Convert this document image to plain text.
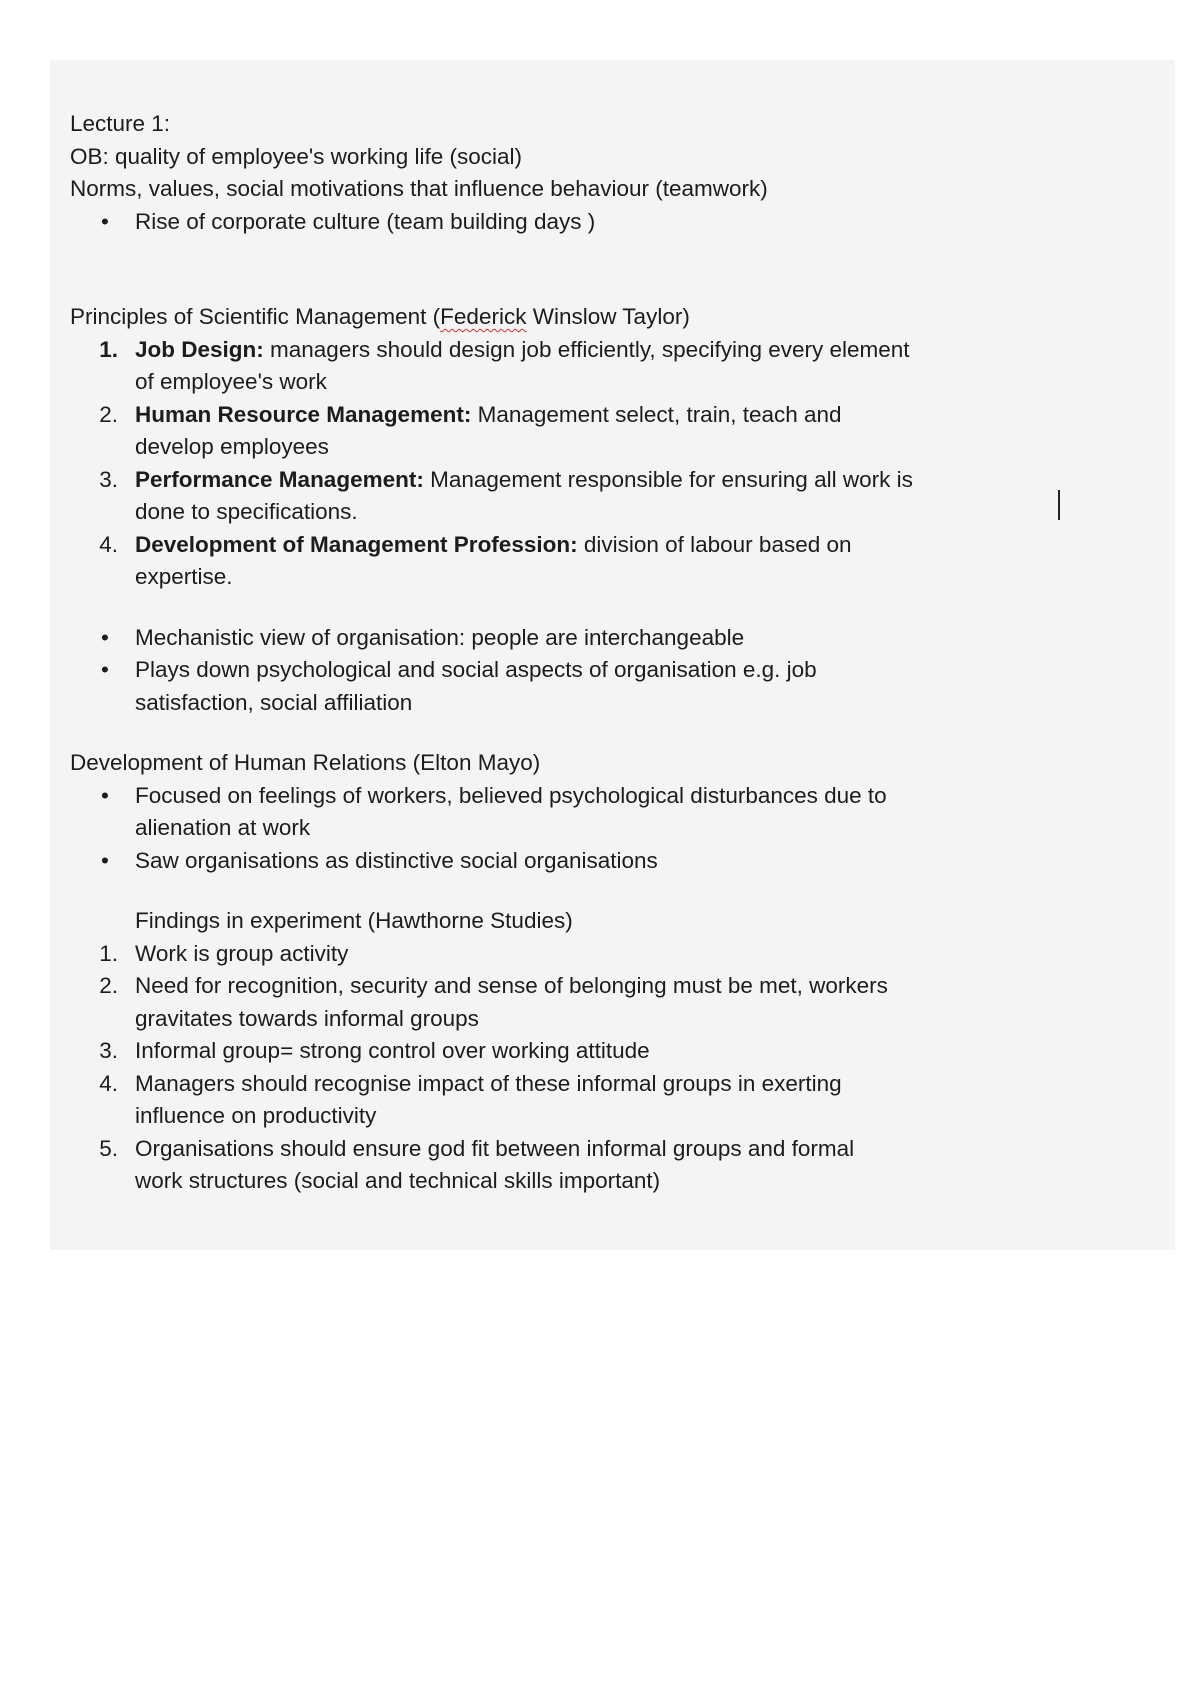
Lecture 1:

OB: quality of employee's working life (social)

Norms, values, social motivations that influence behaviour (teamwork)

•	Rise of corporate culture (team building days )

Principles of Scientific Management (Federick Winslow Taylor)

1. Job Design: managers should design job efficiently, specifying every element
of employee's work
2. Human Resource Management: Management select, train, teach and
develop employees
3. Performance Management: Management responsible for ensuring all work is
done to specifications.
4. Development of Management Profession: division of labour based on
expertise.
•	Mechanistic view of organisation: people are interchangeable
•	Plays down psychological and social aspects of organisation e.g. job
satisfaction, social affiliation

Development of Human Relations (Elton Mayo)

•	Focused on feelings of workers, believed psychological disturbances due to
alienation at work
•	Saw organisations as distinctive social organisations

Findings in experiment (Hawthorne Studies)

1. Work is group activity
2. Need for recognition, security and sense of belonging must be met, workers
gravitates towards informal groups
3. Informal group= strong control over working attitude
4. Managers should recognise impact of these informal groups in exerting
influence on productivity
5. Organisations should ensure god fit between informal groups and formal
work structures (social and technical skills important)
